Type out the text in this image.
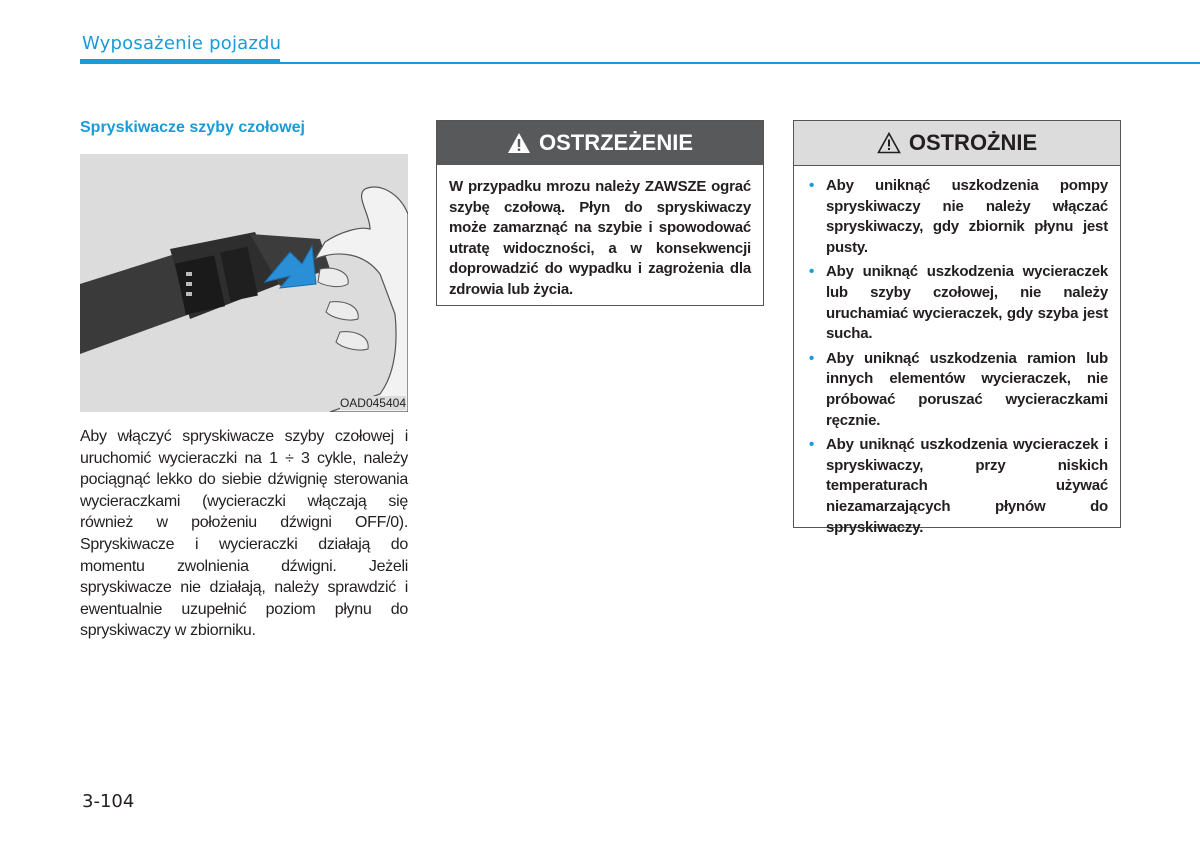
Wyposażenie pojazdu
Spryskiwacze szyby czołowej
OAD045404
Aby włączyć spryskiwacze szyby czołowej i uruchomić wycieraczki na 1 ÷ 3 cykle, należy pociągnąć lekko do siebie dźwignię sterowania wycieraczkami (wycieraczki włączają się również w położeniu dźwigni OFF/0). Spryskiwacze i wycieraczki działają do momentu zwolnienia dźwigni. Jeżeli spryskiwacze nie działają, należy sprawdzić i ewentualnie uzupełnić poziom płynu do spryskiwaczy w zbiorniku.
OSTRZEŻENIE
W przypadku mrozu należy ZAWSZE ograć szybę czołową. Płyn do spryskiwaczy może zamarznąć na szybie i spowodować utratę widoczności, a w konsekwencji doprowadzić do wypadku i zagrożenia dla zdrowia lub życia.
OSTROŻNIE
• Aby uniknąć uszkodzenia pompy spryskiwaczy nie należy włączać spryskiwaczy, gdy zbiornik płynu jest pusty.
• Aby uniknąć uszkodzenia wycieraczek lub szyby czołowej, nie należy uruchamiać wycieraczek, gdy szyba jest sucha.
• Aby uniknąć uszkodzenia ramion lub innych elementów wycieraczek, nie próbować poruszać wycieraczkami ręcznie.
• Aby uniknąć uszkodzenia wycieraczek i spryskiwaczy, przy niskich temperaturach używać niezamarzających płynów do spryskiwaczy.
3-104
